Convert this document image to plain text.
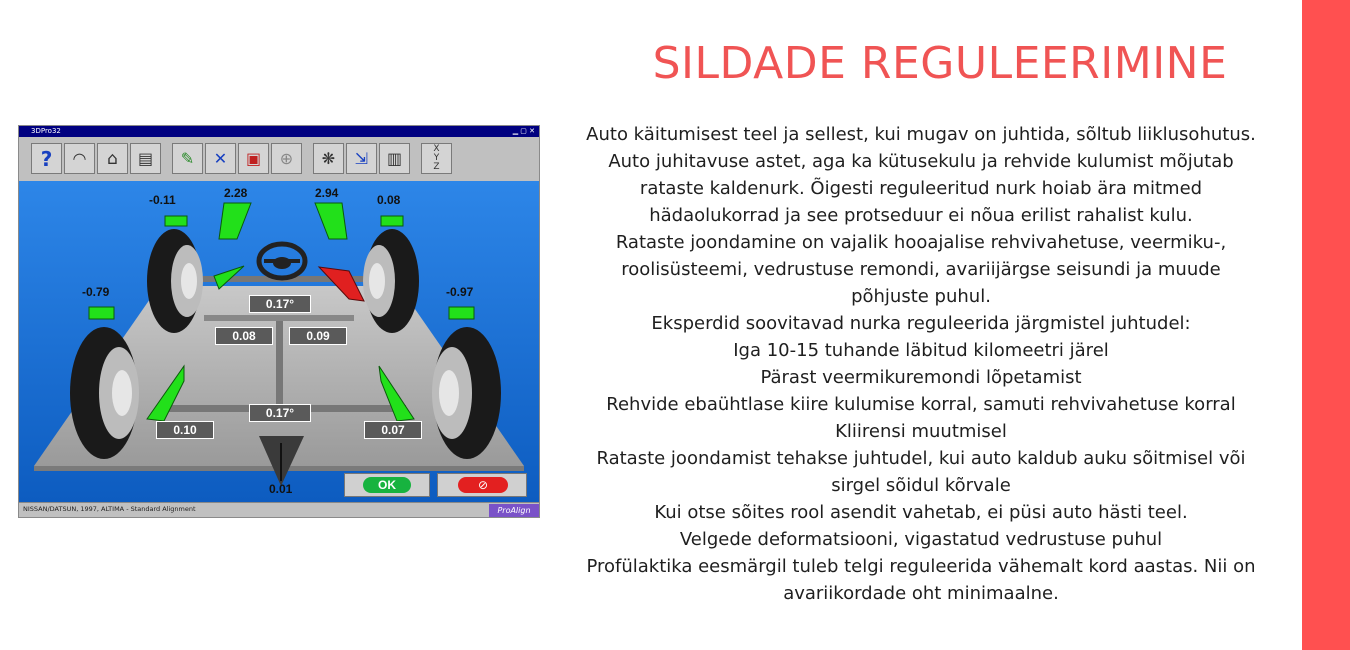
SILDADE REGULEERIMINE
Auto käitumisest teel ja sellest, kui mugav on juhtida, sõltub liiklusohutus.
Auto juhitavuse astet, aga ka kütusekulu ja rehvide kulumist mõjutab
rataste kaldenurk. Õigesti reguleeritud nurk hoiab ära mitmed
hädaolukorrad ja see protseduur ei nõua erilist rahalist kulu.
Rataste joondamine on vajalik hooajalise rehvivahetuse, veermiku-,
roolisüsteemi, vedrustuse remondi, avariijärgse seisundi ja muude
põhjuste puhul.
Eksperdid soovitavad nurka reguleerida järgmistel juhtudel:
Iga 10-15 tuhande läbitud kilomeetri järel
Pärast veermikuremondi lõpetamist
Rehvide ebaühtlase kiire kulumise korral, samuti rehvivahetuse korral
Kliirensi muutmisel
Rataste joondamist tehakse juhtudel, kui auto kaldub auku sõitmisel või
sirgel sõidul kõrvale
Kui otse sõites rool asendit vahetab, ei püsi auto hästi teel.
Velgede deformatsiooni, vigastatud vedrustuse puhul
Profülaktika eesmärgil tuleb telgi reguleerida vähemalt kord aastas. Nii on
avariikordade oht minimaalne.
3DPro32	▁ ▢ ✕
?	◠	⌂	▤	✎	✕	▣	⊕	❋	⇲	▥	X
Y
Z
-0.11	2.28	2.94	0.08
-0.79	-0.97
0.17°
0.08	0.09
0.17°
0.10	0.07
0.01	OK	⊘
NISSAN/DATSUN, 1997, ALTIMA - Standard Alignment	ProAlign
